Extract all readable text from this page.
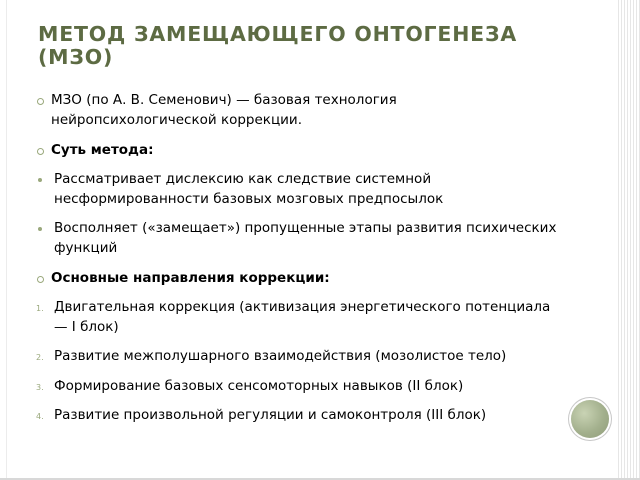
МЕТОД ЗАМЕЩАЮЩЕГО ОНТОГЕНЕЗА (МЗО)
МЗО (по А. В. Семенович) — базовая технология нейропсихологической коррекции.
Суть метода:
Рассматривает дислексию как следствие системной несформированности базовых мозговых предпосылок
Восполняет («замещает») пропущенные этапы развития психических функций
Основные направления коррекции:
1. Двигательная коррекция (активизация энергетического потенциала — I блок)
2. Развитие межполушарного взаимодействия (мозолистое тело)
3. Формирование базовых сенсомоторных навыков (II блок)
4. Развитие произвольной регуляции и самоконтроля (III блок)
